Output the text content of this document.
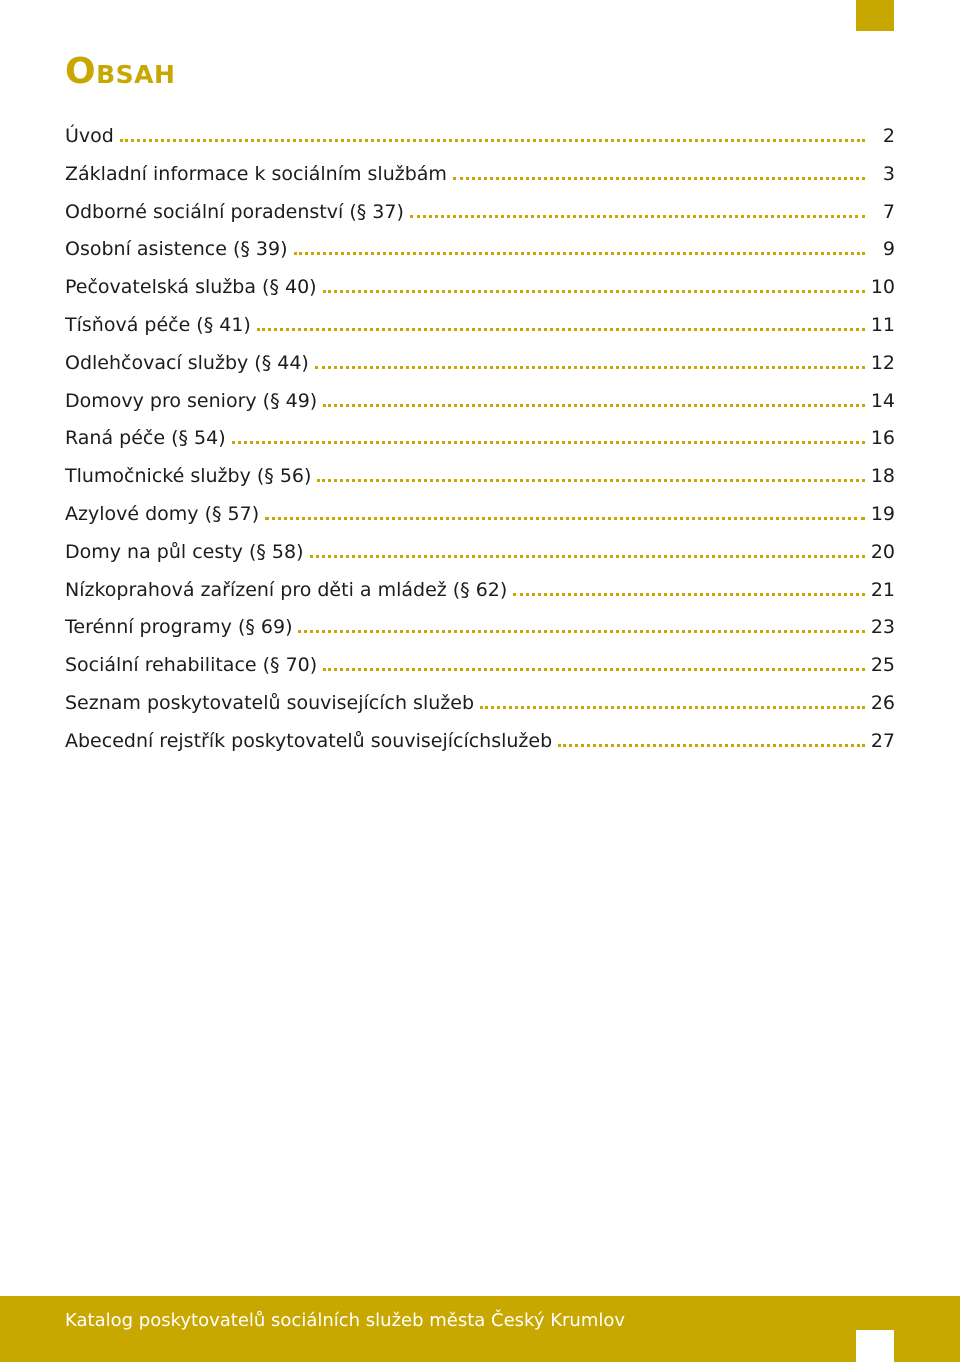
Obsah
Úvod	2
Základní informace k sociálním službám	3
Odborné sociální poradenství (§ 37)	7
Osobní asistence (§ 39)	9
Pečovatelská služba (§ 40)	10
Tísňová péče (§ 41)	11
Odlehčovací služby (§ 44)	12
Domovy pro seniory (§ 49)	14
Raná péče (§ 54)	16
Tlumočnické služby (§ 56)	18
Azylové domy (§ 57)	19
Domy na půl cesty (§ 58)	20
Nízkoprahová zařízení pro děti a mládež (§ 62)	21
Terénní programy (§ 69)	23
Sociální rehabilitace (§ 70)	25
Seznam poskytovatelů souvisejících služeb	26
Abecední rejstřík poskytovatelů souvisejícíchslužeb	27
Katalog poskytovatelů sociálních služeb města Český Krumlov	1
